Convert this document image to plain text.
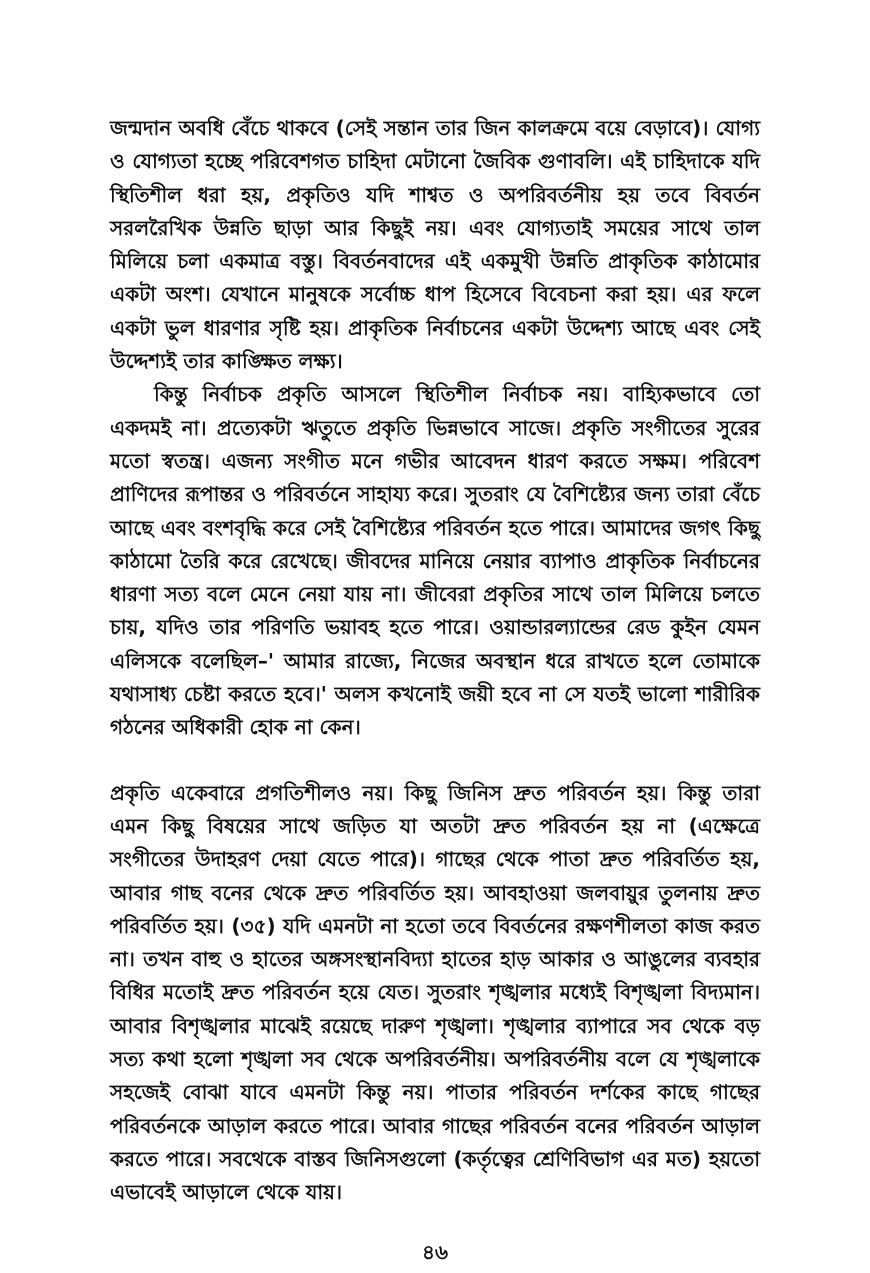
জন্মদান অবধি বেঁচে থাকবে (সেই সন্তান তার জিন কালক্রমে বয়ে বেড়াবে)। যোগ্য ও যোগ্যতা হচ্ছে পরিবেশগত চাহিদা মেটানো জৈবিক গুণাবলি। এই চাহিদাকে যদি স্থিতিশীল ধরা হয়, প্রকৃতিও যদি শাশ্বত ও অপরিবর্তনীয় হয় তবে বিবর্তন সরলরৈখিক উন্নতি ছাড়া আর কিছুই নয়। এবং যোগ্যতাই সময়ের সাথে তাল মিলিয়ে চলা একমাত্র বস্তু। বিবর্তনবাদের এই একমুখী উন্নতি প্রাকৃতিক কাঠামোর একটা অংশ। যেখানে মানুষকে সর্বোচ্চ ধাপ হিসেবে বিবেচনা করা হয়। এর ফলে একটা ভুল ধারণার সৃষ্টি হয়। প্রাকৃতিক নির্বাচনের একটা উদ্দেশ্য আছে এবং সেই উদ্দেশ্যই তার কাঙ্ক্ষিত লক্ষ্য।

কিন্তু নির্বাচক প্রকৃতি আসলে স্থিতিশীল নির্বাচক নয়। বাহ্যিকভাবে তো একদমই না। প্রত্যেকটা ঋতুতে প্রকৃতি ভিন্নভাবে সাজে। প্রকৃতি সংগীতের সুরের মতো স্বতন্ত্র। এজন্য সংগীত মনে গভীর আবেদন ধারণ করতে সক্ষম। পরিবেশ প্রাণিদের রূপান্তর ও পরিবর্তনে সাহায্য করে। সুতরাং যে বৈশিষ্ট্যের জন্য তারা বেঁচে আছে এবং বংশবৃদ্ধি করে সেই বৈশিষ্ট্যের পরিবর্তন হতে পারে। আমাদের জগৎ কিছু কাঠামো তৈরি করে রেখেছে। জীবদের মানিয়ে নেয়ার ব্যাপাও প্রাকৃতিক নির্বাচনের ধারণা সত্য বলে মেনে নেয়া যায় না। জীবেরা প্রকৃতির সাথে তাল মিলিয়ে চলতে চায়, যদিও তার পরিণতি ভয়াবহ হতে পারে। ওয়ান্ডারল্যান্ডের রেড কুইন যেমন এলিসকে বলেছিল–' আমার রাজ্যে, নিজের অবস্থান ধরে রাখতে হলে তোমাকে যথাসাধ্য চেষ্টা করতে হবে।' অলস কখনোই জয়ী হবে না সে যতই ভালো শারীরিক গঠনের অধিকারী হোক না কেন।

প্রকৃতি একেবারে প্রগতিশীলও নয়। কিছু জিনিস দ্রুত পরিবর্তন হয়। কিন্তু তারা এমন কিছু বিষয়ের সাথে জড়িত যা অতটা দ্রুত পরিবর্তন হয় না (এক্ষেত্রে সংগীতের উদাহরণ দেয়া যেতে পারে)। গাছের থেকে পাতা দ্রুত পরিবর্তিত হয়, আবার গাছ বনের থেকে দ্রুত পরিবর্তিত হয়। আবহাওয়া জলবায়ুর তুলনায় দ্রুত পরিবর্তিত হয়। (৩৫) যদি এমনটা না হতো তবে বিবর্তনের রক্ষণশীলতা কাজ করত না। তখন বাহু ও হাতের অঙ্গসংস্থানবিদ্যা হাতের হাড় আকার ও আঙুলের ব্যবহার বিধির মতোই দ্রুত পরিবর্তন হয়ে যেত। সুতরাং শৃঙ্খলার মধ্যেই বিশৃঙ্খলা বিদ্যমান। আবার বিশৃঙ্খলার মাঝেই রয়েছে দারুণ শৃঙ্খলা। শৃঙ্খলার ব্যাপারে সব থেকে বড় সত্য কথা হলো শৃঙ্খলা সব থেকে অপরিবর্তনীয়। অপরিবর্তনীয় বলে যে শৃঙ্খলাকে সহজেই বোঝা যাবে এমনটা কিন্তু নয়। পাতার পরিবর্তন দর্শকের কাছে গাছের পরিবর্তনকে আড়াল করতে পারে। আবার গাছের পরিবর্তন বনের পরিবর্তন আড়াল করতে পারে। সবথেকে বাস্তব জিনিসগুলো (কর্তৃত্বের শ্রেণিবিভাগ এর মত) হয়তো এভাবেই আড়ালে থেকে যায়।

৪৬
